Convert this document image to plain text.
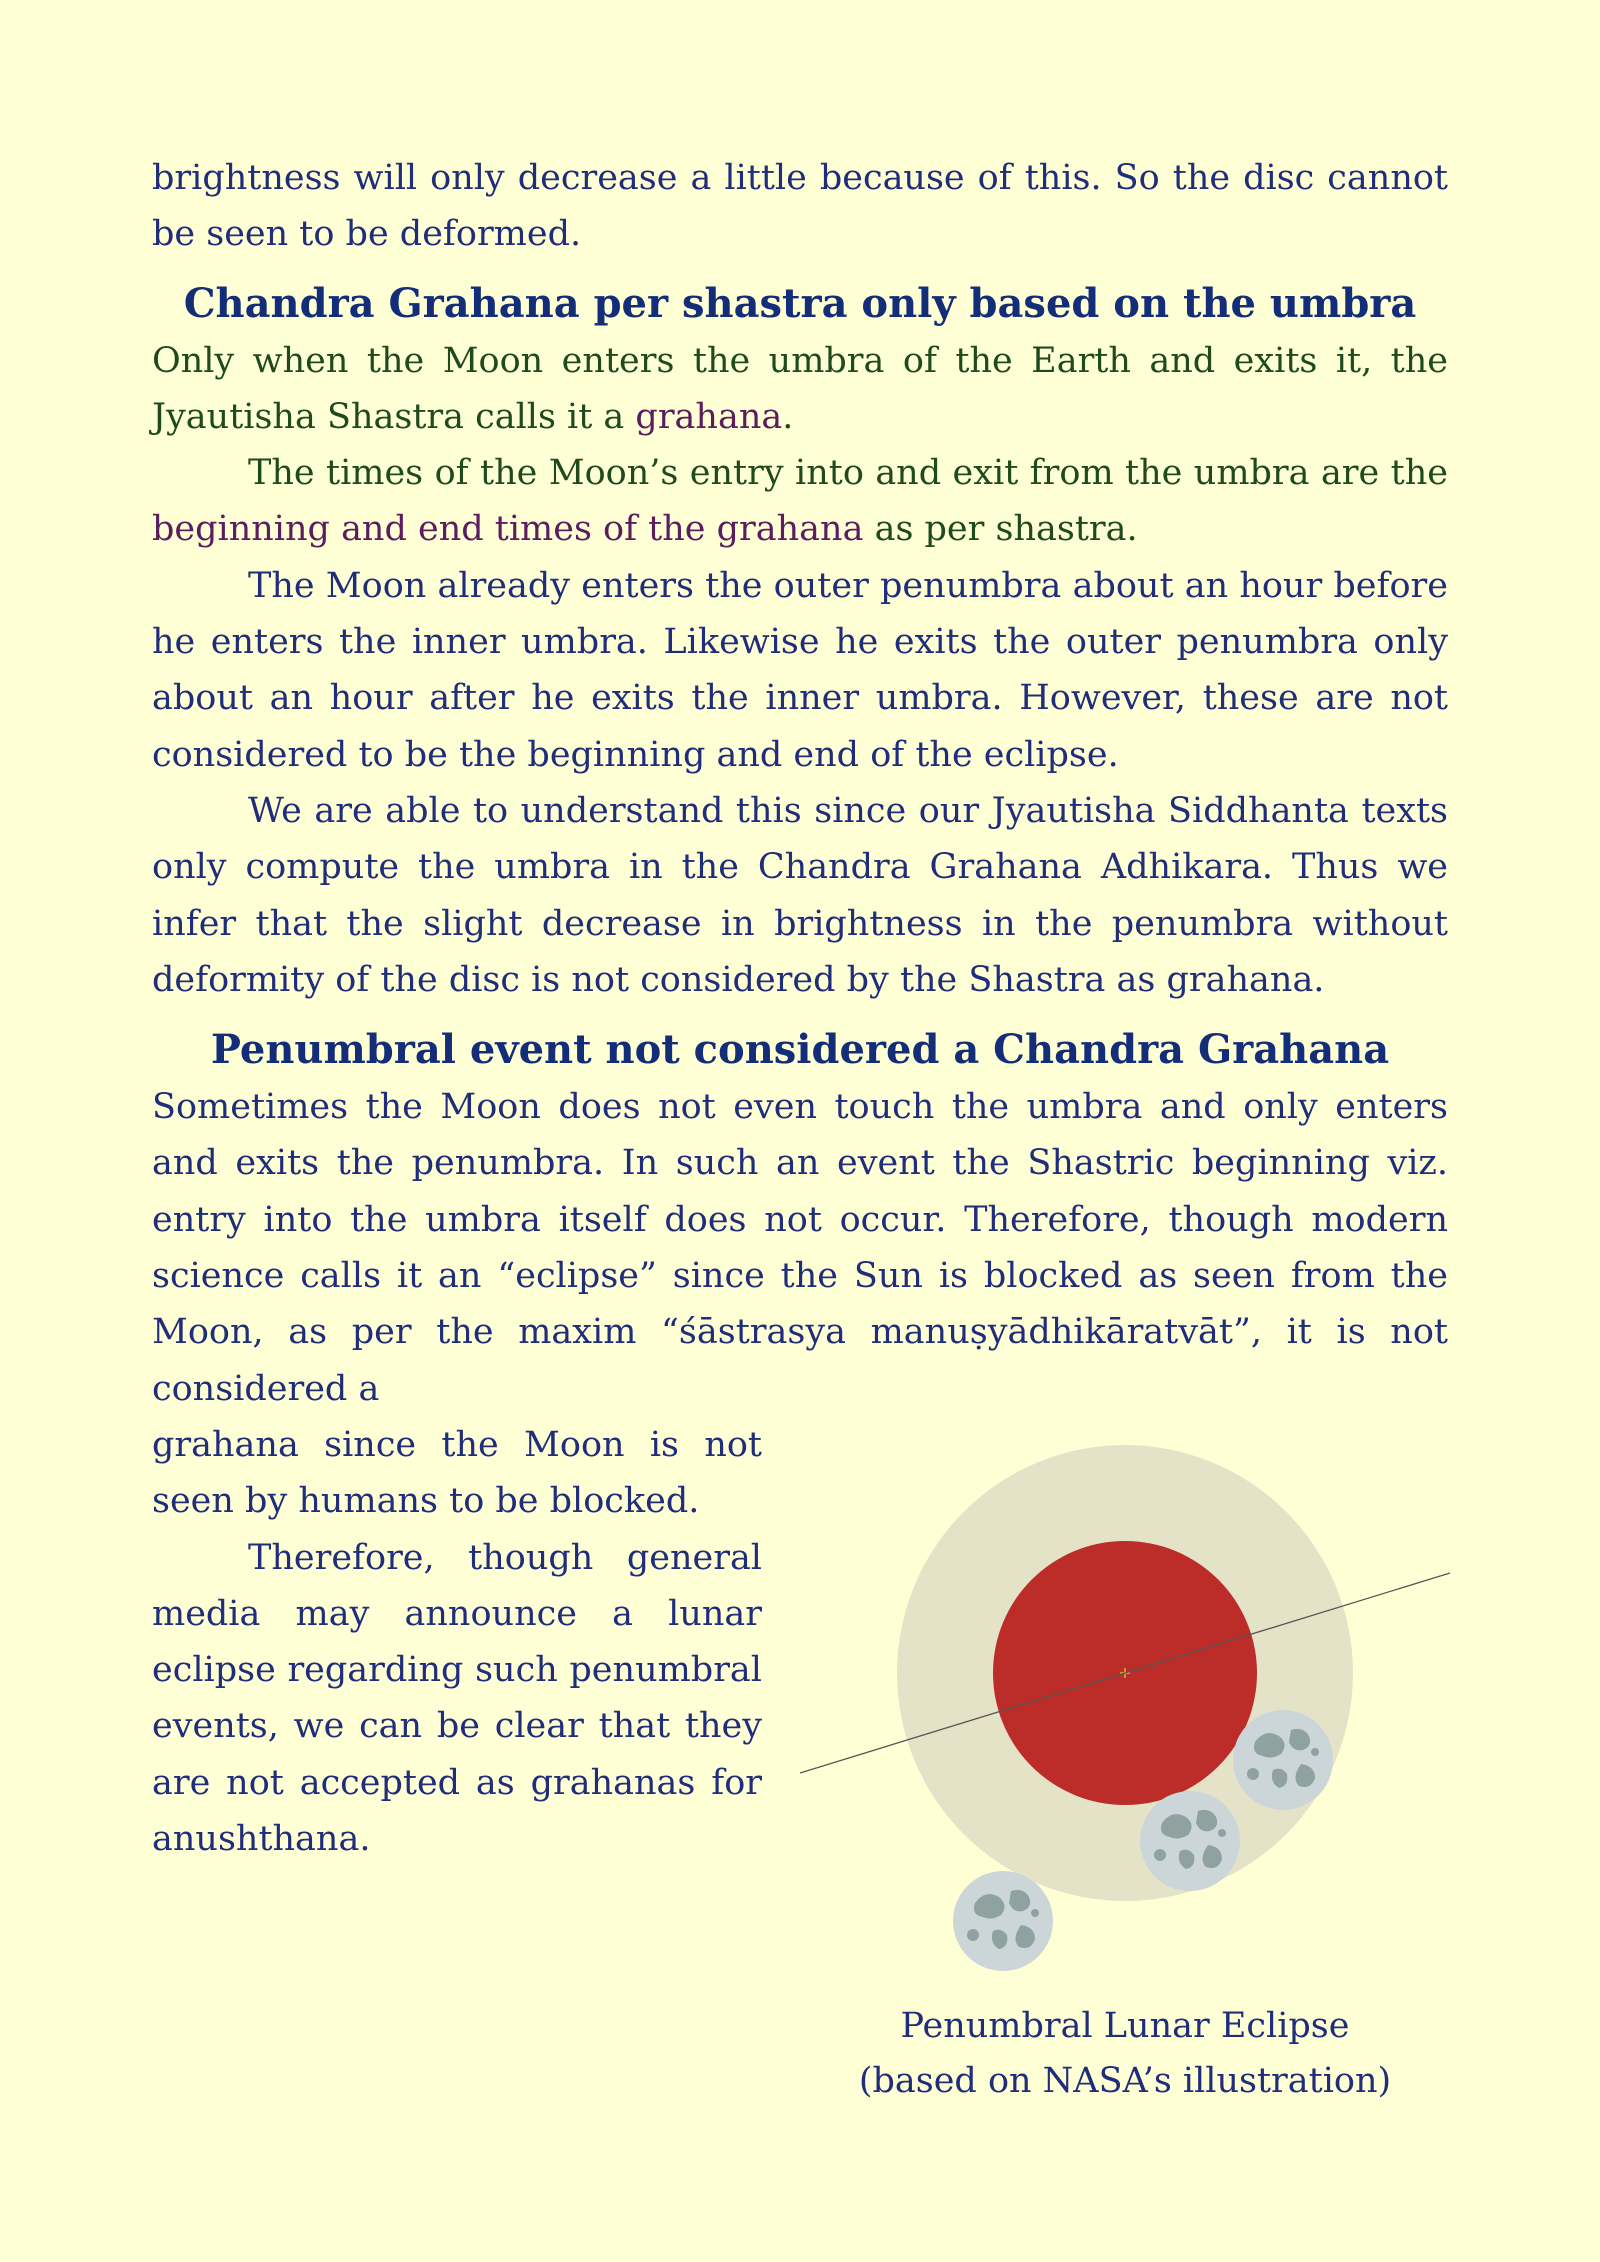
brightness will only decrease a little because of this. So the disc cannot be seen to be deformed.

Chandra Grahana per shastra only based on the umbra

Only when the Moon enters the umbra of the Earth and exits it, the Jyautisha Shastra calls it a grahana.

The times of the Moon’s entry into and exit from the umbra are the beginning and end times of the grahana as per shastra.

The Moon already enters the outer penumbra about an hour before he enters the inner umbra. Likewise he exits the outer penumbra only about an hour after he exits the inner umbra. However, these are not considered to be the beginning and end of the eclipse.

We are able to understand this since our Jyautisha Siddhanta texts only compute the umbra in the Chandra Grahana Adhikara. Thus we infer that the slight decrease in brightness in the penumbra without deformity of the disc is not considered by the Shastra as grahana.

Penumbral event not considered a Chandra Grahana

Sometimes the Moon does not even touch the umbra and only enters and exits the penumbra. In such an event the Shastric beginning viz. entry into the umbra itself does not occur. Therefore, though modern science calls it an “eclipse” since the Sun is blocked as seen from the Moon, as per the maxim “śāstrasya manuṣyādhikāratvāt”, it is not considered a

grahana since the Moon is not seen by humans to be blocked.

Therefore, though general media may announce a lunar eclipse regarding such penumbral events, we can be clear that they are not accepted as grahanas for anushthana.

Penumbral Lunar Eclipse
(based on NASA’s illustration)
